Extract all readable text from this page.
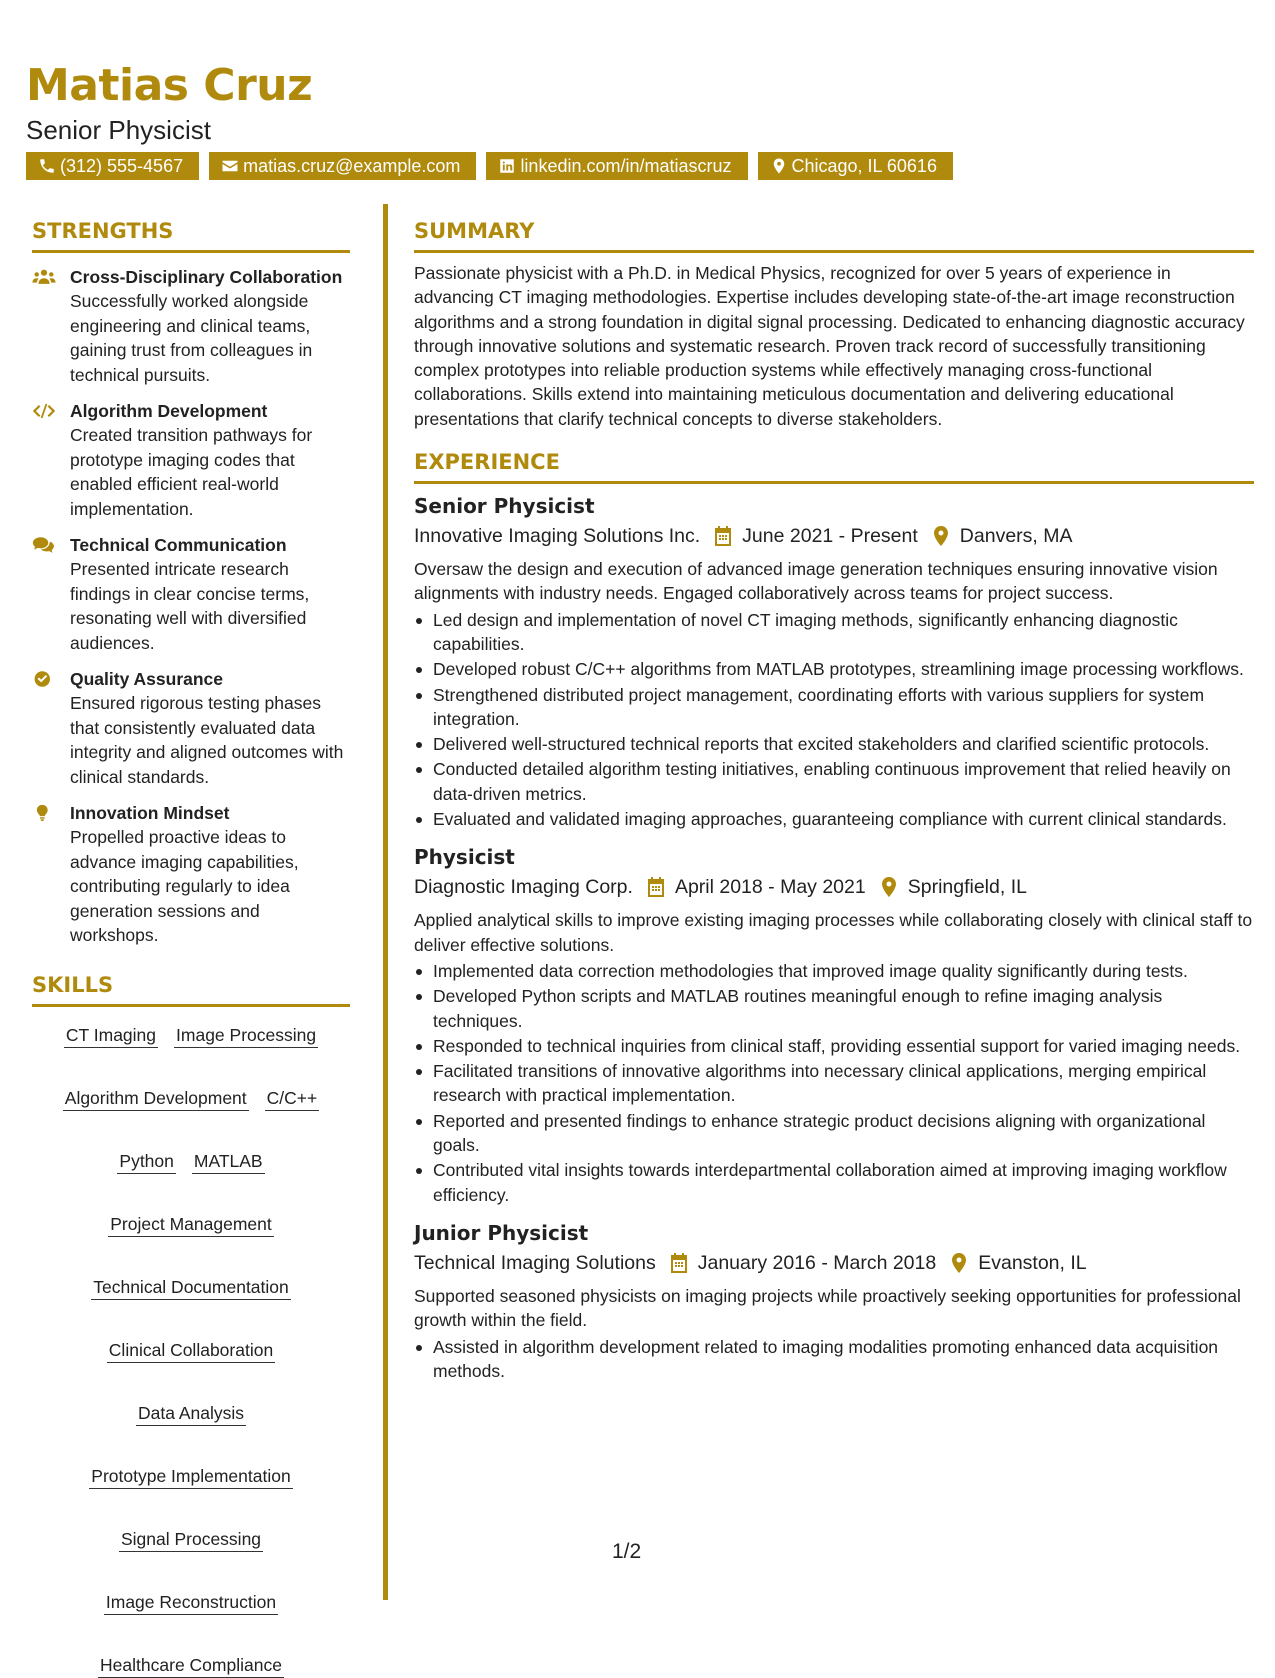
Matias Cruz
Senior Physicist
(312) 555-4567	matias.cruz@example.com	linkedin.com/in/matiascruz	Chicago, IL 60616
STRENGTHS
Cross-Disciplinary Collaboration
Successfully worked alongside engineering and clinical teams, gaining trust from colleagues in technical pursuits.
Algorithm Development
Created transition pathways for prototype imaging codes that enabled efficient real-world implementation.
Technical Communication
Presented intricate research findings in clear concise terms, resonating well with diversified audiences.
Quality Assurance
Ensured rigorous testing phases that consistently evaluated data integrity and aligned outcomes with clinical standards.
Innovation Mindset
Propelled proactive ideas to advance imaging capabilities, contributing regularly to idea generation sessions and workshops.
SKILLS
CT Imaging Image Processing
Algorithm Development C/C++
Python MATLAB
Project Management
Technical Documentation
Clinical Collaboration
Data Analysis
Prototype Implementation
Signal Processing
Image Reconstruction
Healthcare Compliance
SUMMARY

Passionate physicist with a Ph.D. in Medical Physics, recognized for over 5 years of experience in advancing CT imaging methodologies. Expertise includes developing state-of-the-art image reconstruction algorithms and a strong foundation in digital signal processing. Dedicated to enhancing diagnostic accuracy through innovative solutions and systematic research. Proven track record of successfully transitioning complex prototypes into reliable production systems while effectively managing cross-functional collaborations. Skills extend into maintaining meticulous documentation and delivering educational presentations that clarify technical concepts to diverse stakeholders.

EXPERIENCE
Senior Physicist
Innovative Imaging Solutions Inc. June 2021 - Present Danvers, MA

Oversaw the design and execution of advanced image generation techniques ensuring innovative vision alignments with industry needs. Engaged collaboratively across teams for project success.

Led design and implementation of novel CT imaging methods, significantly enhancing diagnostic capabilities.
Developed robust C/C++ algorithms from MATLAB prototypes, streamlining image processing workflows.
Strengthened distributed project management, coordinating efforts with various suppliers for system integration.
Delivered well-structured technical reports that excited stakeholders and clarified scientific protocols.
Conducted detailed algorithm testing initiatives, enabling continuous improvement that relied heavily on data-driven metrics.
Evaluated and validated imaging approaches, guaranteeing compliance with current clinical standards.
Physicist
Diagnostic Imaging Corp. April 2018 - May 2021 Springfield, IL

Applied analytical skills to improve existing imaging processes while collaborating closely with clinical staff to deliver effective solutions.

Implemented data correction methodologies that improved image quality significantly during tests.
Developed Python scripts and MATLAB routines meaningful enough to refine imaging analysis techniques.
Responded to technical inquiries from clinical staff, providing essential support for varied imaging needs.
Facilitated transitions of innovative algorithms into necessary clinical applications, merging empirical research with practical implementation.
Reported and presented findings to enhance strategic product decisions aligning with organizational goals.
Contributed vital insights towards interdepartmental collaboration aimed at improving imaging workflow efficiency.
Junior Physicist
Technical Imaging Solutions January 2016 - March 2018 Evanston, IL

Supported seasoned physicists on imaging projects while proactively seeking opportunities for professional growth within the field.

Assisted in algorithm development related to imaging modalities promoting enhanced data acquisition methods.
1/2
